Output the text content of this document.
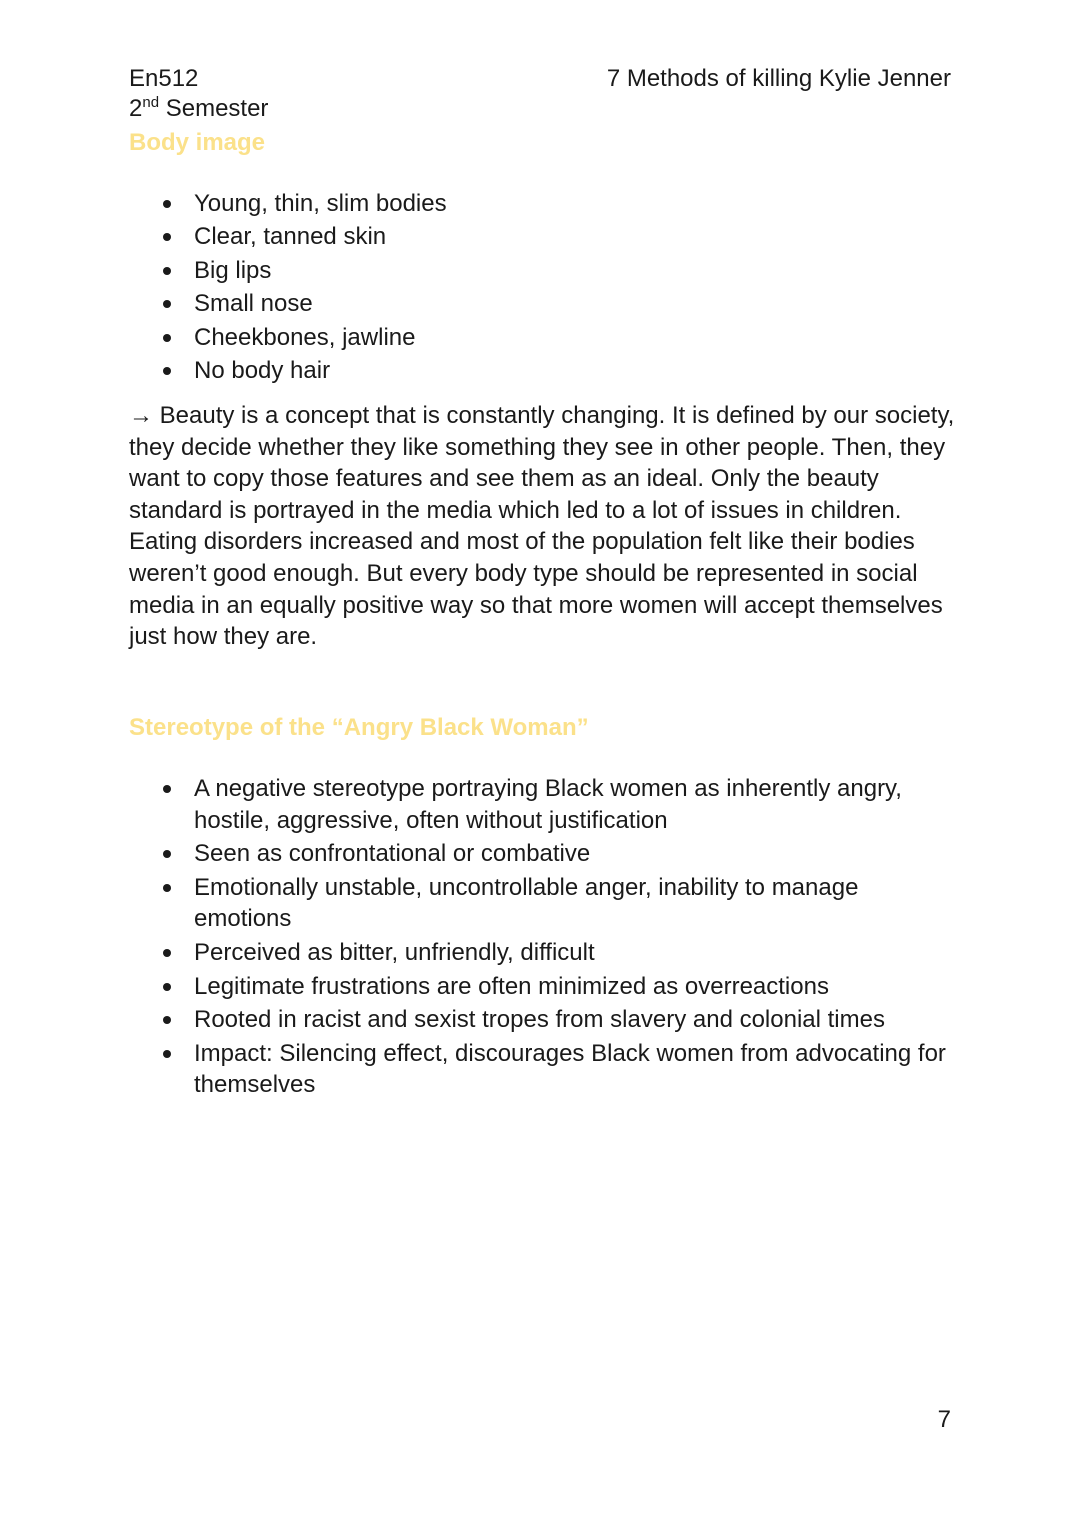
En512
2nd Semester
7 Methods of killing Kylie Jenner
Body image
Young, thin, slim bodies
Clear, tanned skin
Big lips
Small nose
Cheekbones, jawline
No body hair
→ Beauty is a concept that is constantly changing. It is defined by our society, they decide whether they like something they see in other people. Then, they want to copy those features and see them as an ideal. Only the beauty standard is portrayed in the media which led to a lot of issues in children. Eating disorders increased and most of the population felt like their bodies weren’t good enough. But every body type should be represented in social media in an equally positive way so that more women will accept themselves just how they are.
Stereotype of the “Angry Black Woman”
A negative stereotype portraying Black women as inherently angry, hostile, aggressive, often without justification
Seen as confrontational or combative
Emotionally unstable, uncontrollable anger, inability to manage emotions
Perceived as bitter, unfriendly, difficult
Legitimate frustrations are often minimized as overreactions
Rooted in racist and sexist tropes from slavery and colonial times
Impact: Silencing effect, discourages Black women from advocating for themselves
7
